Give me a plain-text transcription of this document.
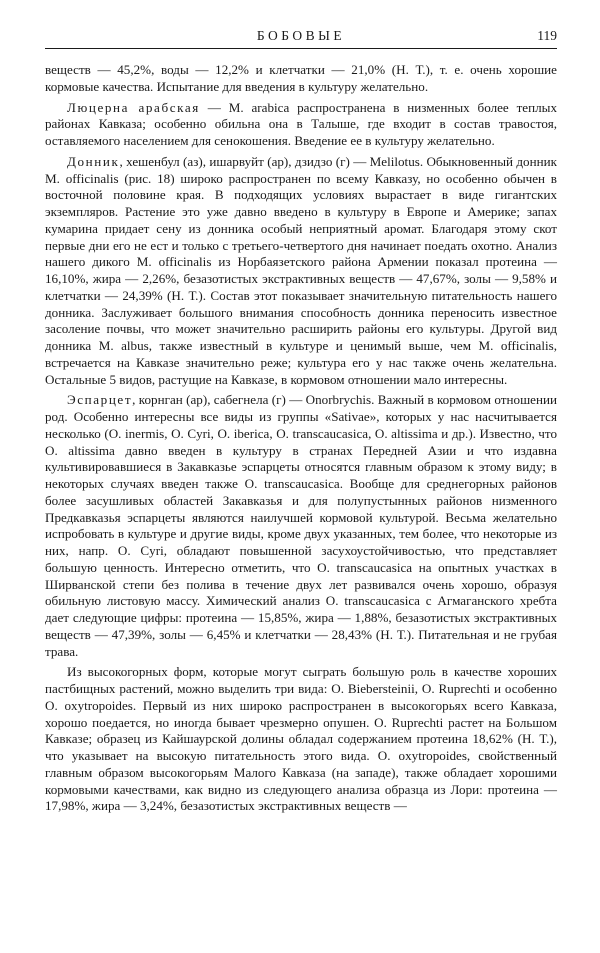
БОБОВЫЕ	119

веществ — 45,2%, воды — 12,2% и клетчатки — 21,0% (Н. Т.), т. е. очень хорошие кормовые качества. Испытание для введения в культуру желательно.

Люцерна арабская — M. arabica распространена в низменных более теплых районах Кавказа; особенно обильна она в Талыше, где входит в состав травостоя, оставляемого населением для сенокошения. Введение ее в культуру желательно.

Донник, хешенбул (аз), ишарвуйт (ар), дзидзо (г) — Melilotus. Обыкновенный донник M. officinalis (рис. 18) широко распространен по всему Кавказу, но особенно обычен в восточной половине края. В подходящих условиях вырастает в виде гигантских экземпляров. Растение это уже давно введено в культуру в Европе и Америке; запах кумарина придает сену из донника особый неприятный аромат. Благодаря этому скот первые дни его не ест и только с третьего-четвертого дня начинает поедать охотно. Анализ нашего дикого M. officinalis из Норбаязетского района Армении показал протеина — 16,10%, жира — 2,26%, безазотистых экстрактивных веществ — 47,67%, золы — 9,58% и клетчатки — 24,39% (Н. Т.). Состав этот показывает значительную питательность нашего донника. Заслуживает большого внимания способность донника переносить известное засоление почвы, что может значительно расширить районы его культуры. Другой вид донника M. albus, также известный в культуре и ценимый выше, чем M. officinalis, встречается на Кавказе значительно реже; культура его у нас также очень желательна. Остальные 5 видов, растущие на Кавказе, в кормовом отношении мало интересны.

Эспарцет, корнган (ар), сабегнела (г) — Onorbrychis. Важный в кормовом отношении род. Особенно интересны все виды из группы «Sativae», которых у нас насчитывается несколько (O. inermis, O. Cyri, O. iberica, O. transcaucasica, O. altissima и др.). Известно, что O. altissima давно введен в культуру в странах Передней Азии и что издавна культивировавшиеся в Закавказье эспарцеты относятся главным образом к этому виду; в некоторых случаях введен также O. transcaucasica. Вообще для среднегорных районов более засушливых областей Закавказья и для полупустынных районов низменного Предкавказья эспарцеты являются наилучшей кормовой культурой. Весьма желательно испробовать в культуре и другие виды, кроме двух указанных, тем более, что некоторые из них, напр. O. Cyri, обладают повышенной засухоустойчивостью, что представляет большую ценность. Интересно отметить, что O. transcaucasica на опытных участках в Ширванской степи без полива в течение двух лет развивался очень хорошо, образуя обильную листовую массу. Химический анализ O. transcaucasica с Агмаганского хребта дает следующие цифры: протеина — 15,85%, жира — 1,88%, безазотистых экстрактивных веществ — 47,39%, золы — 6,45% и клетчатки — 28,43% (Н. Т.). Питательная и не грубая трава.

Из высокогорных форм, которые могут сыграть большую роль в качестве хороших пастбищных растений, можно выделить три вида: O. Biebersteinii, O. Ruprechti и особенно O. oxytropoides. Первый из них широко распространен в высокогорьях всего Кавказа, хорошо поедается, но иногда бывает чрезмерно опушен. O. Ruprechti растет на Большом Кавказе; образец из Кайшаурской долины обладал содержанием протеина 18,62% (Н. Т.), что указывает на высокую питательность этого вида. O. oxytropoides, свойственный главным образом высокогорьям Малого Кавказа (на западе), также обладает хорошими кормовыми качествами, как видно из следующего анализа образца из Лори: протеина — 17,98%, жира — 3,24%, безазотистых экстрактивных веществ —
